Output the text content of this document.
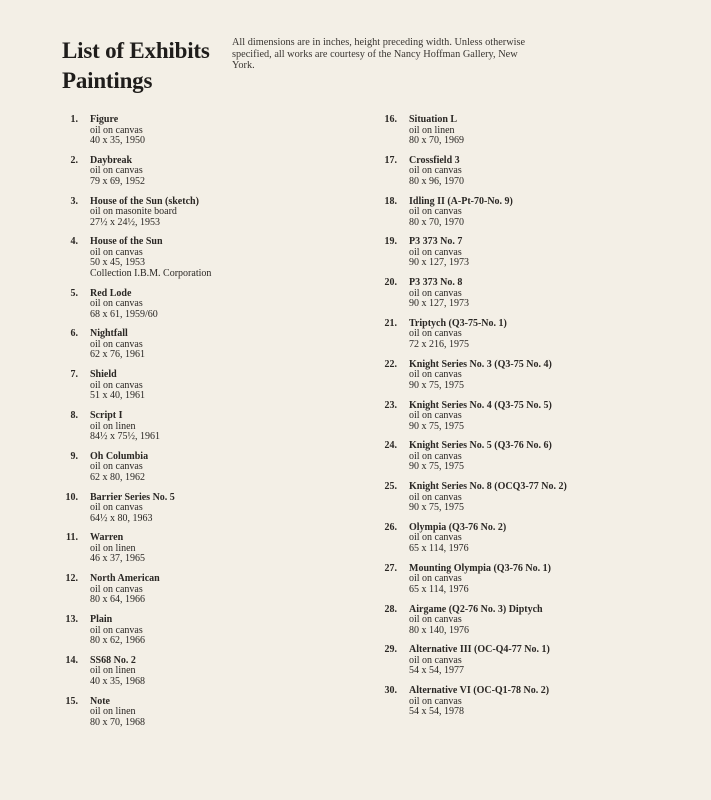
List of Exhibits
Paintings
All dimensions are in inches, height preceding width. Unless otherwise specified, all works are courtesy of the Nancy Hoffman Gallery, New York.
1. Figure
oil on canvas
40 x 35, 1950
2. Daybreak
oil on canvas
79 x 69, 1952
3. House of the Sun (sketch)
oil on masonite board
27½ x 24½, 1953
4. House of the Sun
oil on canvas
50 x 45, 1953
Collection I.B.M. Corporation
5. Red Lode
oil on canvas
68 x 61, 1959/60
6. Nightfall
oil on canvas
62 x 76, 1961
7. Shield
oil on canvas
51 x 40, 1961
8. Script I
oil on linen
84½ x 75½, 1961
9. Oh Columbia
oil on canvas
62 x 80, 1962
10. Barrier Series No. 5
oil on canvas
64½ x 80, 1963
11. Warren
oil on linen
46 x 37, 1965
12. North American
oil on canvas
80 x 64, 1966
13. Plain
oil on canvas
80 x 62, 1966
14. SS68 No. 2
oil on linen
40 x 35, 1968
15. Note
oil on linen
80 x 70, 1968
16. Situation L
oil on linen
80 x 70, 1969
17. Crossfield 3
oil on canvas
80 x 96, 1970
18. Idling II (A-Pt-70-No. 9)
oil on canvas
80 x 70, 1970
19. P3 373 No. 7
oil on canvas
90 x 127, 1973
20. P3 373 No. 8
oil on canvas
90 x 127, 1973
21. Triptych (Q3-75-No. 1)
oil on canvas
72 x 216, 1975
22. Knight Series No. 3 (Q3-75 No. 4)
oil on canvas
90 x 75, 1975
23. Knight Series No. 4 (Q3-75 No. 5)
oil on canvas
90 x 75, 1975
24. Knight Series No. 5 (Q3-76 No. 6)
oil on canvas
90 x 75, 1975
25. Knight Series No. 8 (OCQ3-77 No. 2)
oil on canvas
90 x 75, 1975
26. Olympia (Q3-76 No. 2)
oil on canvas
65 x 114, 1976
27. Mounting Olympia (Q3-76 No. 1)
oil on canvas
65 x 114, 1976
28. Airgame (Q2-76 No. 3) Diptych
oil on canvas
80 x 140, 1976
29. Alternative III (OC-Q4-77 No. 1)
oil on canvas
54 x 54, 1977
30. Alternative VI (OC-Q1-78 No. 2)
oil on canvas
54 x 54, 1978
